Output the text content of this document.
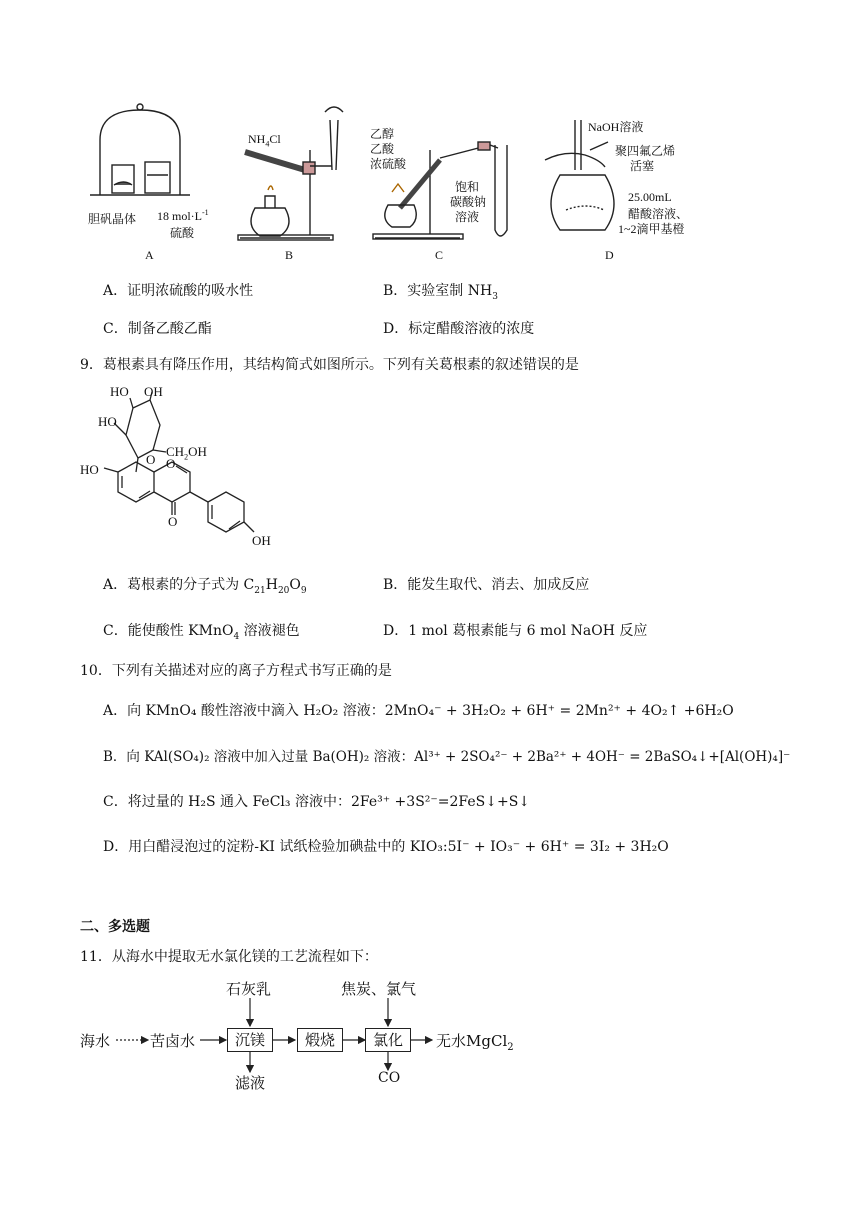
胆矾晶体 18 $mol\cdot L^{-1}$
硫酸
A
$NH_4Cl$
B
乙醇
乙酸
浓硫酸
饱和
碳酸钠
溶液
C
NaOH溶液
聚四氟乙烯
活塞
25.00mL
醋酸溶液、
1~2滴甲基橙
D
A．证明浓硫酸的吸水性	B．实验室制 $NH_3$
C．制备乙酸乙酯	D．标定醋酸溶液的浓度
9．葛根素具有降压作用，其结构简式如图所示。下列有关葛根素的叙述错误的是
HO OH
HO
$CH_2OH$
HO
O O
O
OH
A．葛根素的分子式为 $C_{21}H_{20}O_9$	B．能发生取代、消去、加成反应
C．能使酸性 KMnO$_4$ 溶液褪色	D．1 mol 葛根素能与 6 mol NaOH 反应
10．下列有关描述对应的离子方程式书写正确的是
A．向 KMnO₄ 酸性溶液中滴入 H₂O₂ 溶液：2MnO₄⁻ + 3H₂O₂ + 6H⁺ = 2Mn²⁺ + 4O₂↑ +6H₂O
B．向 KAl(SO₄)₂ 溶液中加入过量 Ba(OH)₂ 溶液：Al³⁺ + 2SO₄²⁻ + 2Ba²⁺ + 4OH⁻ = 2BaSO₄↓+[Al(OH)₄]⁻
C．将过量的 H₂S 通入 FeCl₃ 溶液中：2Fe³⁺ +3S²⁻=2FeS↓+S↓
D．用白醋浸泡过的淀粉-KI 试纸检验加碘盐中的 KIO₃:5I⁻ + IO₃⁻ + 6H⁺ = 3I₂ + 3H₂O
二、多选题
11．从海水中提取无水氯化镁的工艺流程如下：
海水	苦卤水	沉镁	煅烧	氯化	无水MgCl$_2$
石灰乳	焦炭、氯气
滤液	CO
